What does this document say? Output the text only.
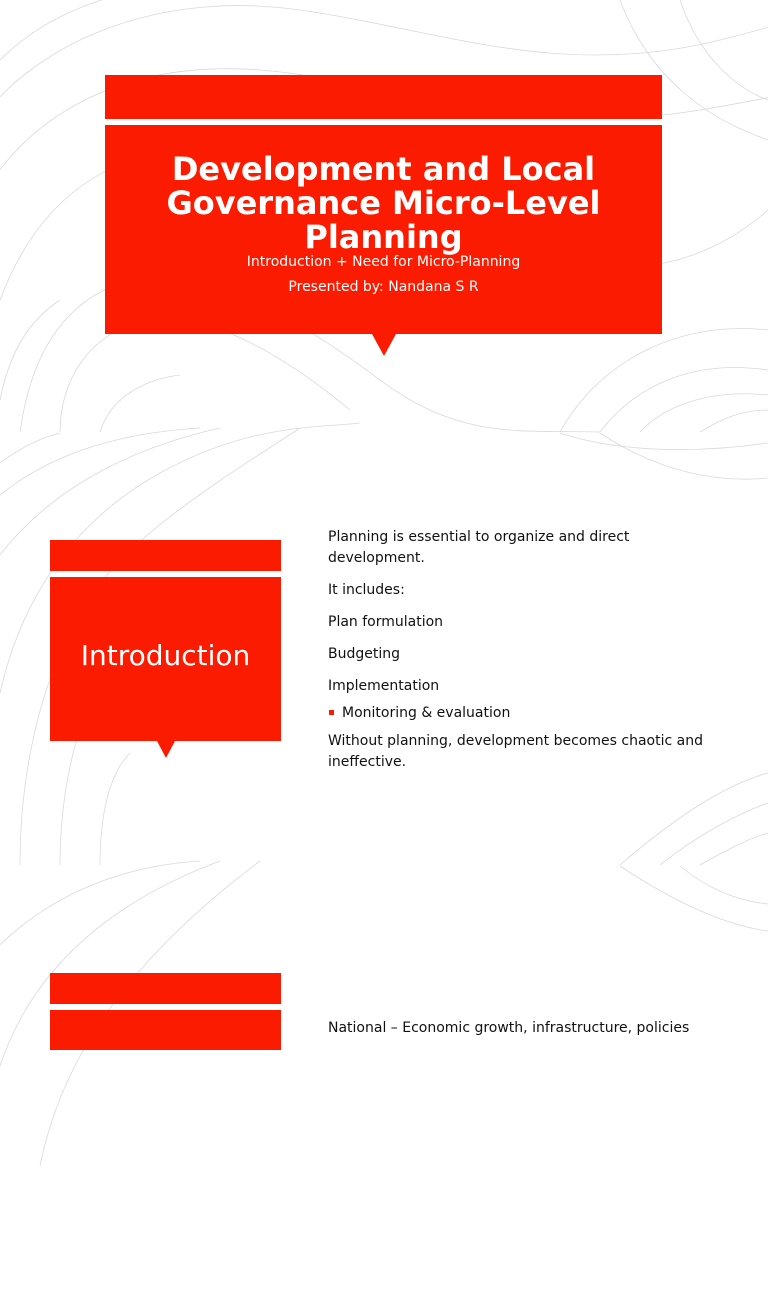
Development and Local
Governance Micro-Level
Planning
Introduction + Need for Micro-Planning
Presented by: Nandana S R
Introduction

Planning is essential to organize and direct development.

It includes:

Plan formulation

Budgeting

Implementation

Monitoring & evaluation

Without planning, development becomes chaotic and ineffective.

National – Economic growth, infrastructure, policies
